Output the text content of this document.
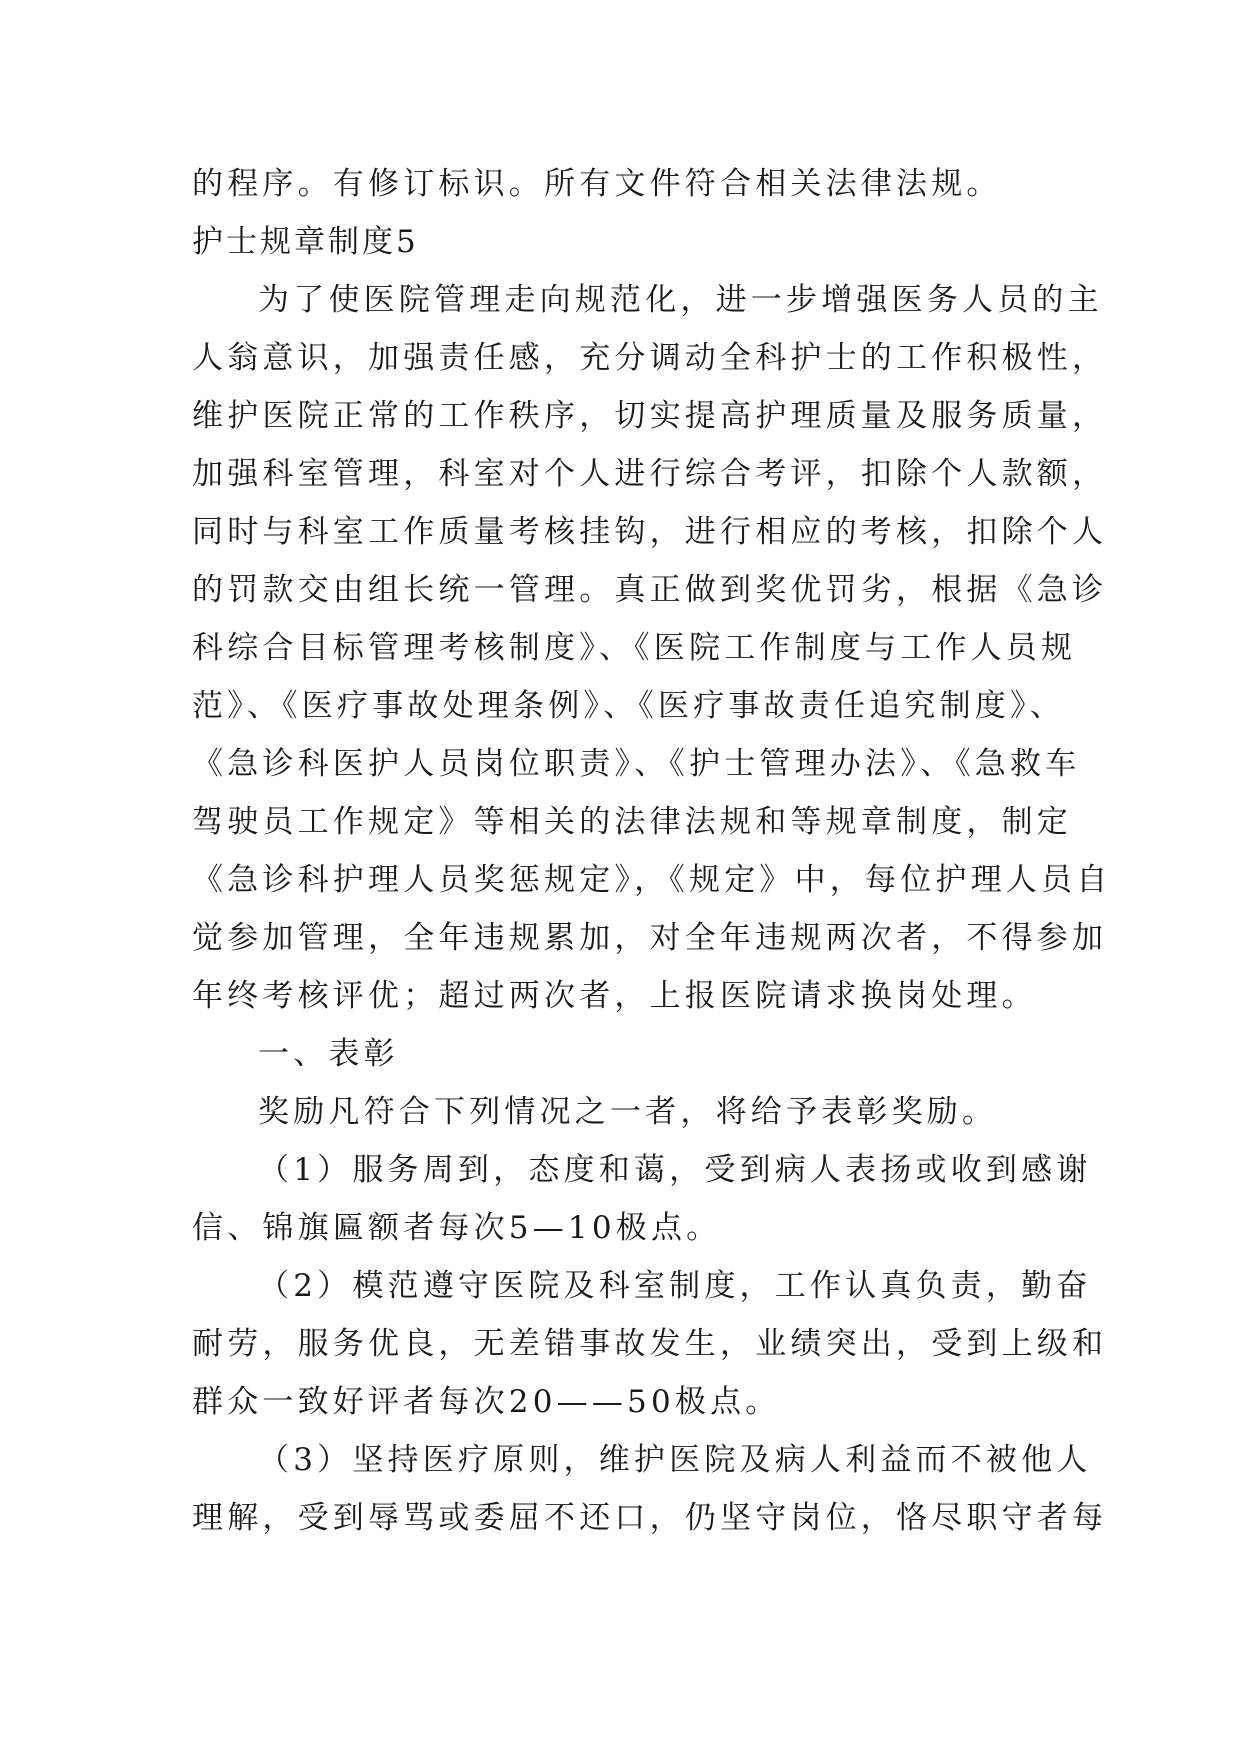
的程序。有修订标识。所有文件符合相关法律法规。
护士规章制度5
为了使医院管理走向规范化，进一步增强医务人员的主
人翁意识，加强责任感，充分调动全科护士的工作积极性，
维护医院正常的工作秩序，切实提高护理质量及服务质量，
加强科室管理，科室对个人进行综合考评，扣除个人款额，
同时与科室工作质量考核挂钩，进行相应的考核，扣除个人
的罚款交由组长统一管理。真正做到奖优罚劣，根据《急诊
科综合目标管理考核制度》、《医院工作制度与工作人员规
范》、《医疗事故处理条例》、《医疗事故责任追究制度》、
《急诊科医护人员岗位职责》、《护士管理办法》、《急救车
驾驶员工作规定》等相关的法律法规和等规章制度，制定
《急诊科护理人员奖惩规定》，《规定》中，每位护理人员自
觉参加管理，全年违规累加，对全年违规两次者，不得参加
年终考核评优；超过两次者，上报医院请求换岗处理。
一、表彰
奖励凡符合下列情况之一者，将给予表彰奖励。
（1）服务周到，态度和蔼，受到病人表扬或收到感谢
信、锦旗匾额者每次5—10极点。
（2）模范遵守医院及科室制度，工作认真负责，勤奋
耐劳，服务优良，无差错事故发生，业绩突出，受到上级和
群众一致好评者每次20——50极点。
（3）坚持医疗原则，维护医院及病人利益而不被他人
理解，受到辱骂或委屈不还口，仍坚守岗位，恪尽职守者每
